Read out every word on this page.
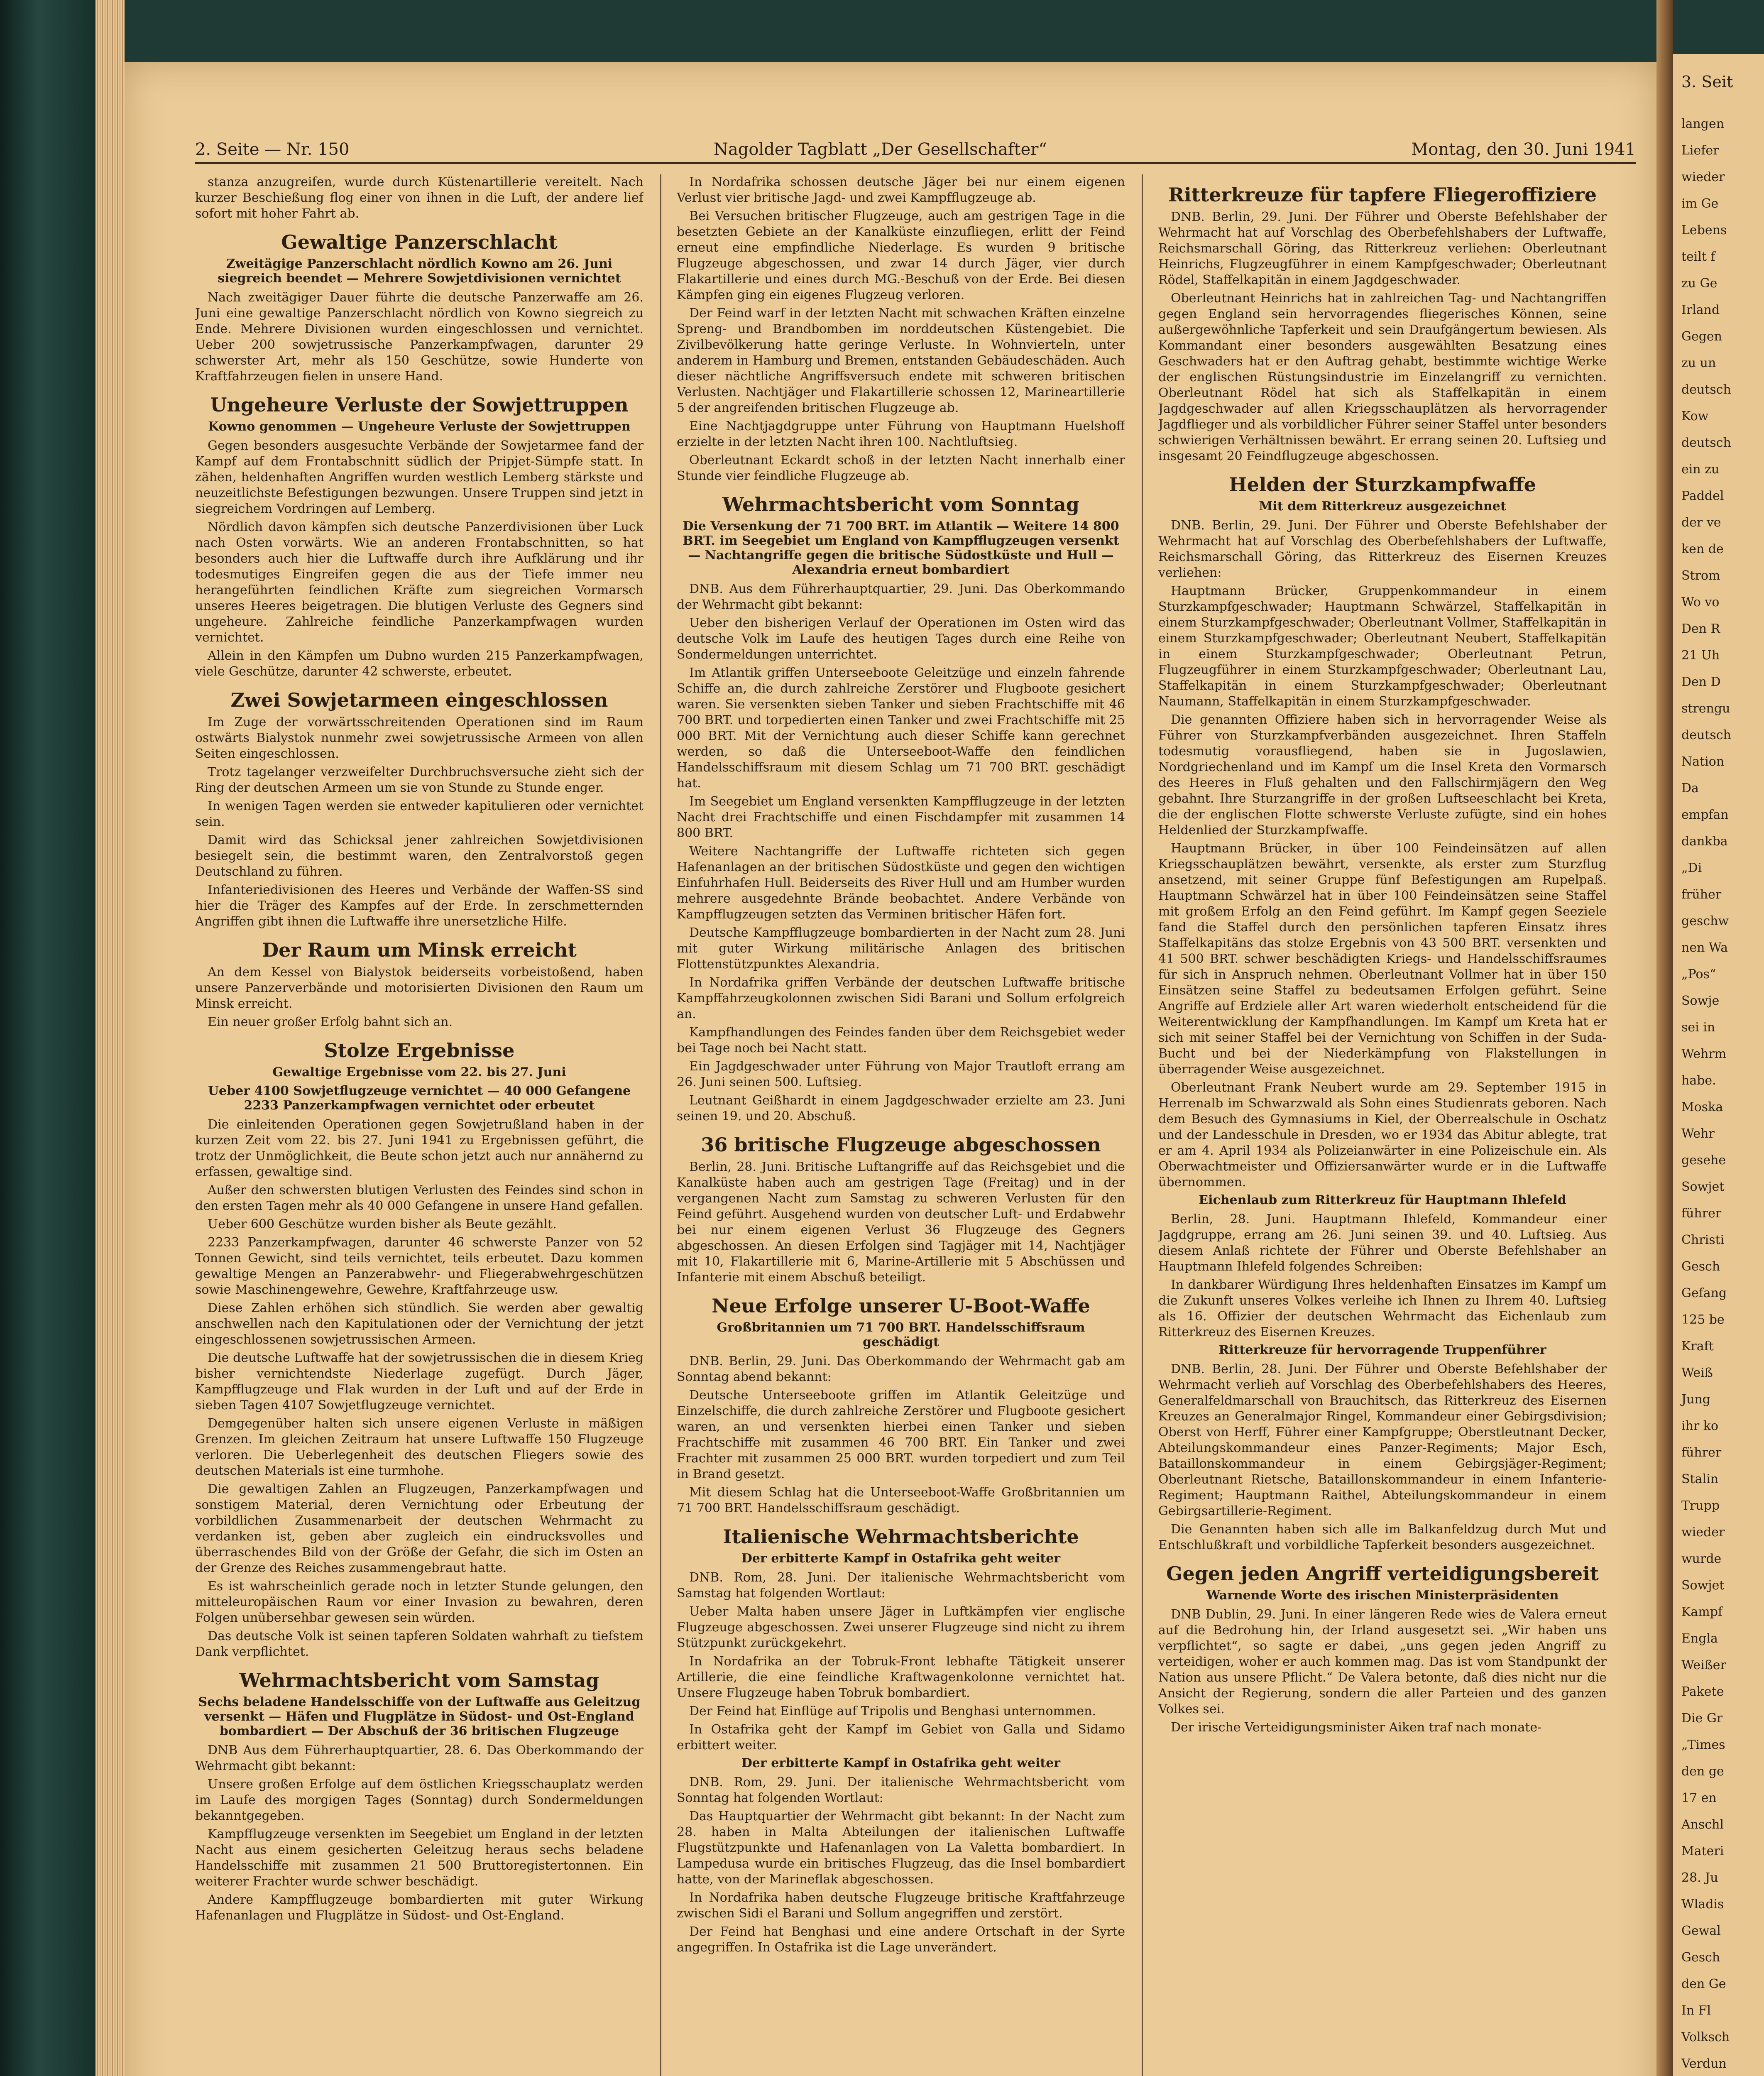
2. Seite — Nr. 150	Nagolder Tagblatt „Der Gesellschafter“	Montag, den 30. Juni 1941

stanza anzugreifen, wurde durch Küstenartillerie vereitelt. Nach kurzer Beschießung flog einer von ihnen in die Luft, der andere lief sofort mit hoher Fahrt ab.

Gewaltige Panzerschlacht
Zweitägige Panzerschlacht nördlich Kowno am 26. Juni siegreich beendet — Mehrere Sowjetdivisionen vernichtet

Nach zweitägiger Dauer führte die deutsche Panzerwaffe am 26. Juni eine gewaltige Panzerschlacht nördlich von Kowno siegreich zu Ende. Mehrere Divisionen wurden eingeschlossen und vernichtet. Ueber 200 sowjetrussische Panzerkampfwagen, darunter 29 schwerster Art, mehr als 150 Geschütze, sowie Hunderte von Kraftfahrzeugen fielen in unsere Hand.

Ungeheure Verluste der Sowjettruppen
Kowno genommen — Ungeheure Verluste der Sowjettruppen

Gegen besonders ausgesuchte Verbände der Sowjetarmee fand der Kampf auf dem Frontabschnitt südlich der Pripjet-Sümpfe statt. In zähen, heldenhaften Angriffen wurden westlich Lemberg stärkste und neuzeitlichste Befestigungen bezwungen. Unsere Truppen sind jetzt in siegreichem Vordringen auf Lemberg.

Nördlich davon kämpfen sich deutsche Panzerdivisionen über Luck nach Osten vorwärts. Wie an anderen Frontabschnitten, so hat besonders auch hier die Luftwaffe durch ihre Aufklärung und ihr todesmutiges Eingreifen gegen die aus der Tiefe immer neu herangeführten feindlichen Kräfte zum siegreichen Vormarsch unseres Heeres beigetragen. Die blutigen Verluste des Gegners sind ungeheure. Zahlreiche feindliche Panzerkampfwagen wurden vernichtet.

Allein in den Kämpfen um Dubno wurden 215 Panzerkampfwagen, viele Geschütze, darunter 42 schwerste, erbeutet.

Zwei Sowjetarmeen eingeschlossen

Im Zuge der vorwärtsschreitenden Operationen sind im Raum ostwärts Bialystok nunmehr zwei sowjetrussische Armeen von allen Seiten eingeschlossen.

Trotz tagelanger verzweifelter Durchbruchsversuche zieht sich der Ring der deutschen Armeen um sie von Stunde zu Stunde enger.

In wenigen Tagen werden sie entweder kapitulieren oder vernichtet sein.

Damit wird das Schicksal jener zahlreichen Sowjetdivisionen besiegelt sein, die bestimmt waren, den Zentralvorstoß gegen Deutschland zu führen.

Infanteriedivisionen des Heeres und Verbände der Waffen-SS sind hier die Träger des Kampfes auf der Erde. In zerschmetternden Angriffen gibt ihnen die Luftwaffe ihre unersetzliche Hilfe.

Der Raum um Minsk erreicht

An dem Kessel von Bialystok beiderseits vorbeistoßend, haben unsere Panzerverbände und motorisierten Divisionen den Raum um Minsk erreicht.

Ein neuer großer Erfolg bahnt sich an.

Stolze Ergebnisse
Gewaltige Ergebnisse vom 22. bis 27. Juni
Ueber 4100 Sowjetflugzeuge vernichtet — 40 000 Gefangene 2233 Panzerkampfwagen vernichtet oder erbeutet

Die einleitenden Operationen gegen Sowjetrußland haben in der kurzen Zeit vom 22. bis 27. Juni 1941 zu Ergebnissen geführt, die trotz der Unmöglichkeit, die Beute schon jetzt auch nur annähernd zu erfassen, gewaltige sind.

Außer den schwersten blutigen Verlusten des Feindes sind schon in den ersten Tagen mehr als 40 000 Gefangene in unsere Hand gefallen.

Ueber 600 Geschütze wurden bisher als Beute gezählt.

2233 Panzerkampfwagen, darunter 46 schwerste Panzer von 52 Tonnen Gewicht, sind teils vernichtet, teils erbeutet. Dazu kommen gewaltige Mengen an Panzerabwehr- und Fliegerabwehrgeschützen sowie Maschinengewehre, Gewehre, Kraftfahrzeuge usw.

Diese Zahlen erhöhen sich stündlich. Sie werden aber gewaltig anschwellen nach den Kapitulationen oder der Vernichtung der jetzt eingeschlossenen sowjetrussischen Armeen.

Die deutsche Luftwaffe hat der sowjetrussischen die in diesem Krieg bisher vernichtendste Niederlage zugefügt. Durch Jäger, Kampfflugzeuge und Flak wurden in der Luft und auf der Erde in sieben Tagen 4107 Sowjetflugzeuge vernichtet.

Demgegenüber halten sich unsere eigenen Verluste in mäßigen Grenzen. Im gleichen Zeitraum hat unsere Luftwaffe 150 Flugzeuge verloren. Die Ueberlegenheit des deutschen Fliegers sowie des deutschen Materials ist eine turmhohe.

Die gewaltigen Zahlen an Flugzeugen, Panzerkampfwagen und sonstigem Material, deren Vernichtung oder Erbeutung der vorbildlichen Zusammenarbeit der deutschen Wehrmacht zu verdanken ist, geben aber zugleich ein eindrucksvolles und überraschendes Bild von der Größe der Gefahr, die sich im Osten an der Grenze des Reiches zusammengebraut hatte.

Es ist wahrscheinlich gerade noch in letzter Stunde gelungen, den mitteleuropäischen Raum vor einer Invasion zu bewahren, deren Folgen unübersehbar gewesen sein würden.

Das deutsche Volk ist seinen tapferen Soldaten wahrhaft zu tiefstem Dank verpflichtet.

Wehrmachtsbericht vom Samstag
Sechs beladene Handelsschiffe von der Luftwaffe aus Geleitzug versenkt — Häfen und Flugplätze in Südost- und Ost-England bombardiert — Der Abschuß der 36 britischen Flugzeuge

DNB Aus dem Führerhauptquartier, 28. 6. Das Oberkommando der Wehrmacht gibt bekannt:

Unsere großen Erfolge auf dem östlichen Kriegsschauplatz werden im Laufe des morgigen Tages (Sonntag) durch Sondermeldungen bekanntgegeben.

Kampfflugzeuge versenkten im Seegebiet um England in der letzten Nacht aus einem gesicherten Geleitzug heraus sechs beladene Handelsschiffe mit zusammen 21 500 Bruttoregistertonnen. Ein weiterer Frachter wurde schwer beschädigt.

Andere Kampfflugzeuge bombardierten mit guter Wirkung Hafenanlagen und Flugplätze in Südost- und Ost-England.

In Nordafrika schossen deutsche Jäger bei nur einem eigenen Verlust vier britische Jagd- und zwei Kampfflugzeuge ab.

Bei Versuchen britischer Flugzeuge, auch am gestrigen Tage in die besetzten Gebiete an der Kanalküste einzufliegen, erlitt der Feind erneut eine empfindliche Niederlage. Es wurden 9 britische Flugzeuge abgeschossen, und zwar 14 durch Jäger, vier durch Flakartillerie und eines durch MG.-Beschuß von der Erde. Bei diesen Kämpfen ging ein eigenes Flugzeug verloren.

Der Feind warf in der letzten Nacht mit schwachen Kräften einzelne Spreng- und Brandbomben im norddeutschen Küstengebiet. Die Zivilbevölkerung hatte geringe Verluste. In Wohnvierteln, unter anderem in Hamburg und Bremen, entstanden Gebäudeschäden. Auch dieser nächtliche Angriffsversuch endete mit schweren britischen Verlusten. Nachtjäger und Flakartillerie schossen 12, Marineartillerie 5 der angreifenden britischen Flugzeuge ab.

Eine Nachtjagdgruppe unter Führung von Hauptmann Huelshoff erzielte in der letzten Nacht ihren 100. Nachtluftsieg.

Oberleutnant Eckardt schoß in der letzten Nacht innerhalb einer Stunde vier feindliche Flugzeuge ab.

Wehrmachtsbericht vom Sonntag
Die Versenkung der 71 700 BRT. im Atlantik — Weitere 14 800 BRT. im Seegebiet um England von Kampfflugzeugen versenkt — Nachtangriffe gegen die britische Südostküste und Hull — Alexandria erneut bombardiert

DNB. Aus dem Führerhauptquartier, 29. Juni. Das Oberkommando der Wehrmacht gibt bekannt:

Ueber den bisherigen Verlauf der Operationen im Osten wird das deutsche Volk im Laufe des heutigen Tages durch eine Reihe von Sondermeldungen unterrichtet.

Im Atlantik griffen Unterseeboote Geleitzüge und einzeln fahrende Schiffe an, die durch zahlreiche Zerstörer und Flugboote gesichert waren. Sie versenkten sieben Tanker und sieben Frachtschiffe mit 46 700 BRT. und torpedierten einen Tanker und zwei Frachtschiffe mit 25 000 BRT. Mit der Vernichtung auch dieser Schiffe kann gerechnet werden, so daß die Unterseeboot-Waffe den feindlichen Handelsschiffsraum mit diesem Schlag um 71 700 BRT. geschädigt hat.

Im Seegebiet um England versenkten Kampfflugzeuge in der letzten Nacht drei Frachtschiffe und einen Fischdampfer mit zusammen 14 800 BRT.

Weitere Nachtangriffe der Luftwaffe richteten sich gegen Hafenanlagen an der britischen Südostküste und gegen den wichtigen Einfuhrhafen Hull. Beiderseits des River Hull und am Humber wurden mehrere ausgedehnte Brände beobachtet. Andere Verbände von Kampfflugzeugen setzten das Verminen britischer Häfen fort.

Deutsche Kampfflugzeuge bombardierten in der Nacht zum 28. Juni mit guter Wirkung militärische Anlagen des britischen Flottenstützpunktes Alexandria.

In Nordafrika griffen Verbände der deutschen Luftwaffe britische Kampffahrzeugkolonnen zwischen Sidi Barani und Sollum erfolgreich an.

Kampfhandlungen des Feindes fanden über dem Reichsgebiet weder bei Tage noch bei Nacht statt.

Ein Jagdgeschwader unter Führung von Major Trautloft errang am 26. Juni seinen 500. Luftsieg.

Leutnant Geißhardt in einem Jagdgeschwader erzielte am 23. Juni seinen 19. und 20. Abschuß.

36 britische Flugzeuge abgeschossen

Berlin, 28. Juni. Britische Luftangriffe auf das Reichsgebiet und die Kanalküste haben auch am gestrigen Tage (Freitag) und in der vergangenen Nacht zum Samstag zu schweren Verlusten für den Feind geführt. Ausgehend wurden von deutscher Luft- und Erdabwehr bei nur einem eigenen Verlust 36 Flugzeuge des Gegners abgeschossen. An diesen Erfolgen sind Tagjäger mit 14, Nachtjäger mit 10, Flakartillerie mit 6, Marine-Artillerie mit 5 Abschüssen und Infanterie mit einem Abschuß beteiligt.

Neue Erfolge unserer U-Boot-Waffe
Großbritannien um 71 700 BRT. Handelsschiffsraum geschädigt

DNB. Berlin, 29. Juni. Das Oberkommando der Wehrmacht gab am Sonntag abend bekannt:

Deutsche Unterseeboote griffen im Atlantik Geleitzüge und Einzelschiffe, die durch zahlreiche Zerstörer und Flugboote gesichert waren, an und versenkten hierbei einen Tanker und sieben Frachtschiffe mit zusammen 46 700 BRT. Ein Tanker und zwei Frachter mit zusammen 25 000 BRT. wurden torpediert und zum Teil in Brand gesetzt.

Mit diesem Schlag hat die Unterseeboot-Waffe Großbritannien um 71 700 BRT. Handelsschiffsraum geschädigt.

Italienische Wehrmachtsberichte
Der erbitterte Kampf in Ostafrika geht weiter

DNB. Rom, 28. Juni. Der italienische Wehrmachtsbericht vom Samstag hat folgenden Wortlaut:

Ueber Malta haben unsere Jäger in Luftkämpfen vier englische Flugzeuge abgeschossen. Zwei unserer Flugzeuge sind nicht zu ihrem Stützpunkt zurückgekehrt.

In Nordafrika an der Tobruk-Front lebhafte Tätigkeit unserer Artillerie, die eine feindliche Kraftwagenkolonne vernichtet hat. Unsere Flugzeuge haben Tobruk bombardiert.

Der Feind hat Einflüge auf Tripolis und Benghasi unternommen.

In Ostafrika geht der Kampf im Gebiet von Galla und Sidamo erbittert weiter.

Der erbitterte Kampf in Ostafrika geht weiter

DNB. Rom, 29. Juni. Der italienische Wehrmachtsbericht vom Sonntag hat folgenden Wortlaut:

Das Hauptquartier der Wehrmacht gibt bekannt: In der Nacht zum 28. haben in Malta Abteilungen der italienischen Luftwaffe Flugstützpunkte und Hafenanlagen von La Valetta bombardiert. In Lampedusa wurde ein britisches Flugzeug, das die Insel bombardiert hatte, von der Marineflak abgeschossen.

In Nordafrika haben deutsche Flugzeuge britische Kraftfahrzeuge zwischen Sidi el Barani und Sollum angegriffen und zerstört.

Der Feind hat Benghasi und eine andere Ortschaft in der Syrte angegriffen. In Ostafrika ist die Lage unverändert.

Ritterkreuze für tapfere Fliegeroffiziere

DNB. Berlin, 29. Juni. Der Führer und Oberste Befehlshaber der Wehrmacht hat auf Vorschlag des Oberbefehlshabers der Luftwaffe, Reichsmarschall Göring, das Ritterkreuz verliehen: Oberleutnant Heinrichs, Flugzeugführer in einem Kampfgeschwader; Oberleutnant Rödel, Staffelkapitän in einem Jagdgeschwader.

Oberleutnant Heinrichs hat in zahlreichen Tag- und Nachtangriffen gegen England sein hervorragendes fliegerisches Können, seine außergewöhnliche Tapferkeit und sein Draufgängertum bewiesen. Als Kommandant einer besonders ausgewählten Besatzung eines Geschwaders hat er den Auftrag gehabt, bestimmte wichtige Werke der englischen Rüstungsindustrie im Einzelangriff zu vernichten. Oberleutnant Rödel hat sich als Staffelkapitän in einem Jagdgeschwader auf allen Kriegsschauplätzen als hervorragender Jagdflieger und als vorbildlicher Führer seiner Staffel unter besonders schwierigen Verhältnissen bewährt. Er errang seinen 20. Luftsieg und insgesamt 20 Feindflugzeuge abgeschossen.

Helden der Sturzkampfwaffe
Mit dem Ritterkreuz ausgezeichnet

DNB. Berlin, 29. Juni. Der Führer und Oberste Befehlshaber der Wehrmacht hat auf Vorschlag des Oberbefehlshabers der Luftwaffe, Reichsmarschall Göring, das Ritterkreuz des Eisernen Kreuzes verliehen:

Hauptmann Brücker, Gruppenkommandeur in einem Sturzkampfgeschwader; Hauptmann Schwärzel, Staffelkapitän in einem Sturzkampfgeschwader; Oberleutnant Vollmer, Staffelkapitän in einem Sturzkampfgeschwader; Oberleutnant Neubert, Staffelkapitän in einem Sturzkampfgeschwader; Oberleutnant Petrun, Flugzeugführer in einem Sturzkampfgeschwader; Oberleutnant Lau, Staffelkapitän in einem Sturzkampfgeschwader; Oberleutnant Naumann, Staffelkapitän in einem Sturzkampfgeschwader.

Die genannten Offiziere haben sich in hervorragender Weise als Führer von Sturzkampfverbänden ausgezeichnet. Ihren Staffeln todesmutig vorausfliegend, haben sie in Jugoslawien, Nordgriechenland und im Kampf um die Insel Kreta den Vormarsch des Heeres in Fluß gehalten und den Fallschirmjägern den Weg gebahnt. Ihre Sturzangriffe in der großen Luftseeschlacht bei Kreta, die der englischen Flotte schwerste Verluste zufügte, sind ein hohes Heldenlied der Sturzkampfwaffe.

Hauptmann Brücker, in über 100 Feindeinsätzen auf allen Kriegsschauplätzen bewährt, versenkte, als erster zum Sturzflug ansetzend, mit seiner Gruppe fünf Befestigungen am Rupelpaß. Hauptmann Schwärzel hat in über 100 Feindeinsätzen seine Staffel mit großem Erfolg an den Feind geführt. Im Kampf gegen Seeziele fand die Staffel durch den persönlichen tapferen Einsatz ihres Staffelkapitäns das stolze Ergebnis von 43 500 BRT. versenkten und 41 500 BRT. schwer beschädigten Kriegs- und Handelsschiffsraumes für sich in Anspruch nehmen. Oberleutnant Vollmer hat in über 150 Einsätzen seine Staffel zu bedeutsamen Erfolgen geführt. Seine Angriffe auf Erdziele aller Art waren wiederholt entscheidend für die Weiterentwicklung der Kampfhandlungen. Im Kampf um Kreta hat er sich mit seiner Staffel bei der Vernichtung von Schiffen in der Suda-Bucht und bei der Niederkämpfung von Flakstellungen in überragender Weise ausgezeichnet.

Oberleutnant Frank Neubert wurde am 29. September 1915 in Herrenalb im Schwarzwald als Sohn eines Studienrats geboren. Nach dem Besuch des Gymnasiums in Kiel, der Oberrealschule in Oschatz und der Landesschule in Dresden, wo er 1934 das Abitur ablegte, trat er am 4. April 1934 als Polizeianwärter in eine Polizeischule ein. Als Oberwachtmeister und Offiziersanwärter wurde er in die Luftwaffe übernommen.

Eichenlaub zum Ritterkreuz für Hauptmann Ihlefeld

Berlin, 28. Juni. Hauptmann Ihlefeld, Kommandeur einer Jagdgruppe, errang am 26. Juni seinen 39. und 40. Luftsieg. Aus diesem Anlaß richtete der Führer und Oberste Befehlshaber an Hauptmann Ihlefeld folgendes Schreiben:

In dankbarer Würdigung Ihres heldenhaften Einsatzes im Kampf um die Zukunft unseres Volkes verleihe ich Ihnen zu Ihrem 40. Luftsieg als 16. Offizier der deutschen Wehrmacht das Eichenlaub zum Ritterkreuz des Eisernen Kreuzes.

Ritterkreuze für hervorragende Truppenführer

DNB. Berlin, 28. Juni. Der Führer und Oberste Befehlshaber der Wehrmacht verlieh auf Vorschlag des Oberbefehlshabers des Heeres, Generalfeldmarschall von Brauchitsch, das Ritterkreuz des Eisernen Kreuzes an Generalmajor Ringel, Kommandeur einer Gebirgsdivision; Oberst von Herff, Führer einer Kampfgruppe; Oberstleutnant Decker, Abteilungskommandeur eines Panzer-Regiments; Major Esch, Bataillonskommandeur in einem Gebirgsjäger-Regiment; Oberleutnant Rietsche, Bataillonskommandeur in einem Infanterie-Regiment; Hauptmann Raithel, Abteilungskommandeur in einem Gebirgsartillerie-Regiment.

Die Genannten haben sich alle im Balkanfeldzug durch Mut und Entschlußkraft und vorbildliche Tapferkeit besonders ausgezeichnet.

Gegen jeden Angriff verteidigungsbereit
Warnende Worte des irischen Ministerpräsidenten

DNB Dublin, 29. Juni. In einer längeren Rede wies de Valera erneut auf die Bedrohung hin, der Irland ausgesetzt sei. „Wir haben uns verpflichtet“, so sagte er dabei, „uns gegen jeden Angriff zu verteidigen, woher er auch kommen mag. Das ist vom Standpunkt der Nation aus unsere Pflicht.“ De Valera betonte, daß dies nicht nur die Ansicht der Regierung, sondern die aller Parteien und des ganzen Volkes sei.

Der irische Verteidigungsminister Aiken traf nach monate-

3. Seit
langen
Liefer
wieder
im Ge
Lebens
teilt f
zu Ge
Irland
Gegen
zu un
deutsch
Kow
deutsch
ein zu
Paddel
der ve
ken de
Strom
Wo vo
Den R
21 Uh
Den D
strengu
deutsch
Nation
Da
empfan
dankba
„Di
früher
geschw
nen Wa
„Pos“
Sowje
sei in
Wehrm
habe.
Moska
Wehr
gesehe
Sowjet
führer
Christi
Gesch
Gefang
125 be
Kraft
Weiß
Jung
ihr ko
führer
Stalin
Trupp
wieder
wurde
Sowjet
Kampf
Engla
Weißer
Pakete
Die Gr
„Times
den ge
17 en
Anschl
Materi
28. Ju
Wladis
Gewal
Gesch
den Ge
In Fl
Volksch
Verdun
